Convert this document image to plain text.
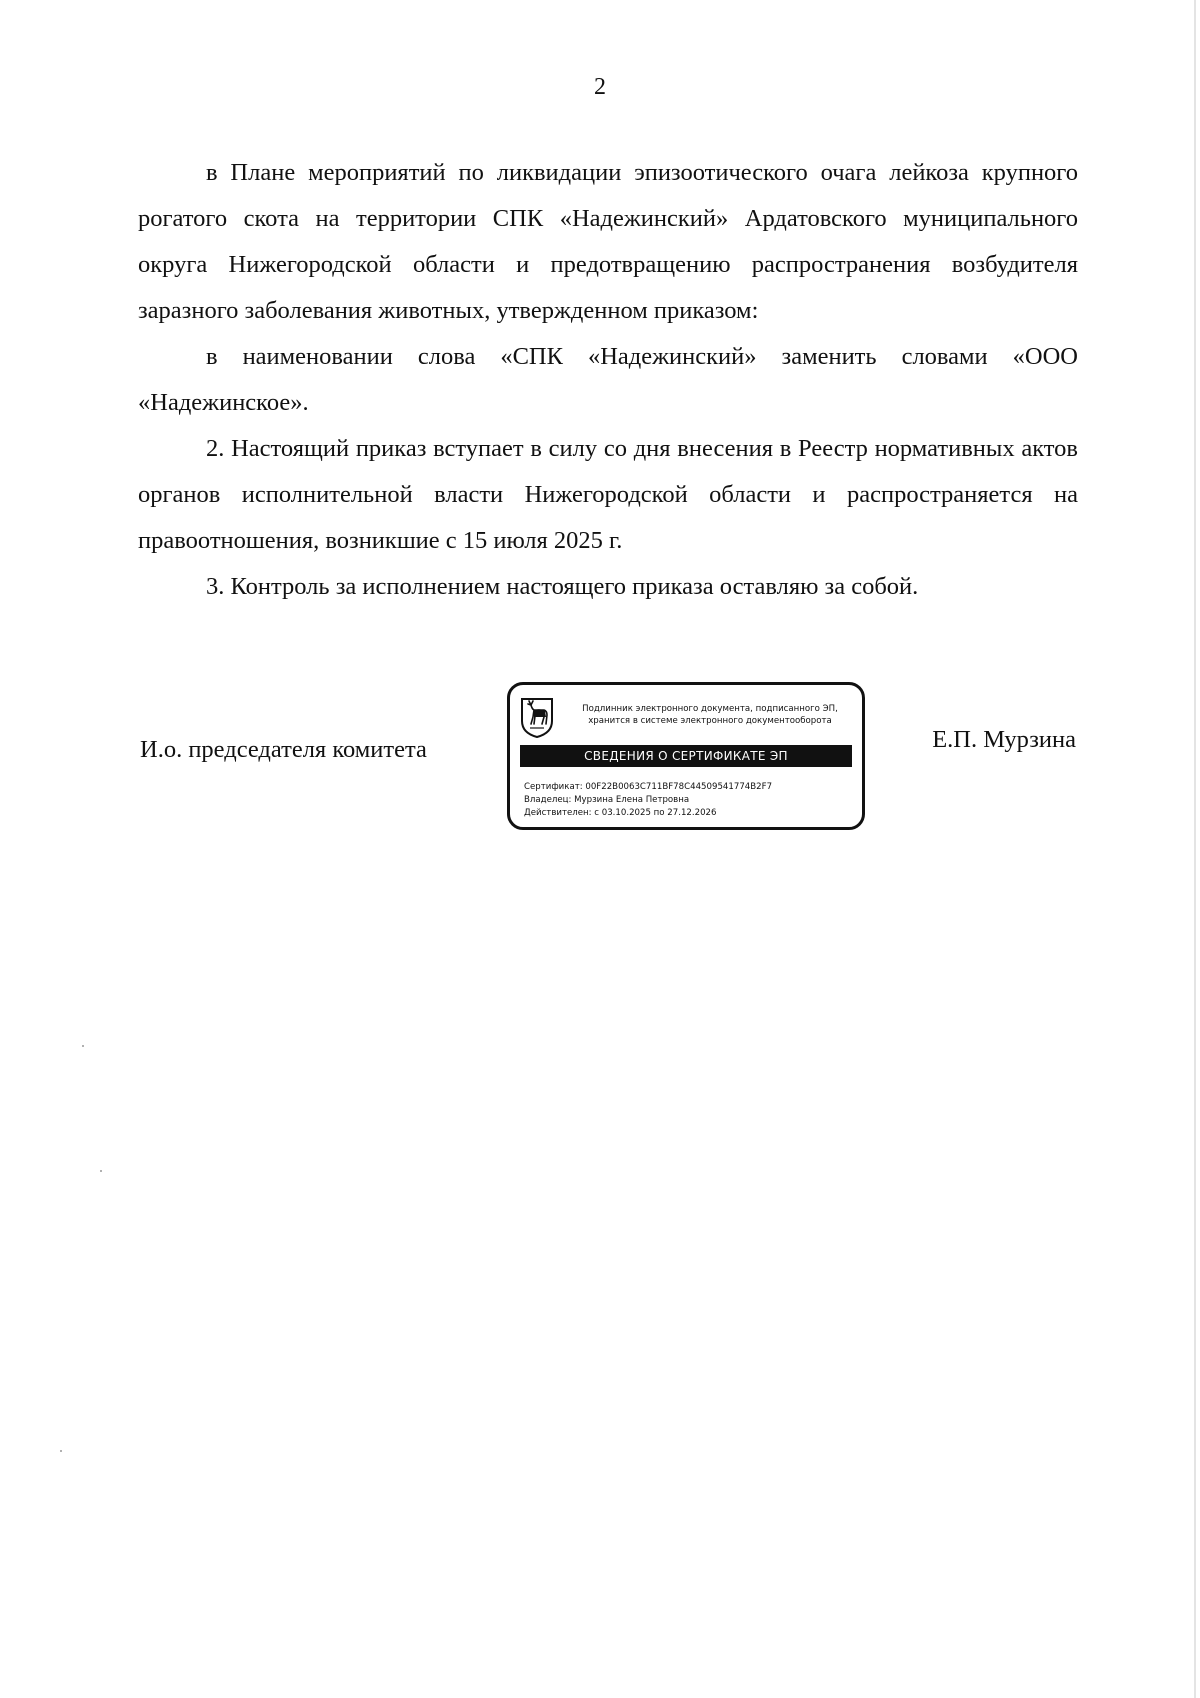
2

в Плане мероприятий по ликвидации эпизоотического очага лейкоза крупного рогатого скота на территории СПК «Надежинский» Ардатовского муниципального округа Нижегородской области и предотвращению распространения возбудителя заразного заболевания животных, утвержденном приказом:

в наименовании слова «СПК «Надежинский» заменить словами «ООО «Надежинское».

2. Настоящий приказ вступает в силу со дня внесения в Реестр нормативных актов органов исполнительной власти Нижегородской области и распространяется на правоотношения, возникшие с 15 июля 2025 г.

3. Контроль за исполнением настоящего приказа оставляю за собой.

И.о. председателя комитета
Подлинник электронного документа, подписанного ЭП,
хранится в системе электронного документооборота
СВЕДЕНИЯ О СЕРТИФИКАТЕ ЭП
Сертификат: 00F22B0063C711BF78C44509541774B2F7
Владелец: Мурзина Елена Петровна
Действителен: с 03.10.2025 по 27.12.2026
Е.П. Мурзина
